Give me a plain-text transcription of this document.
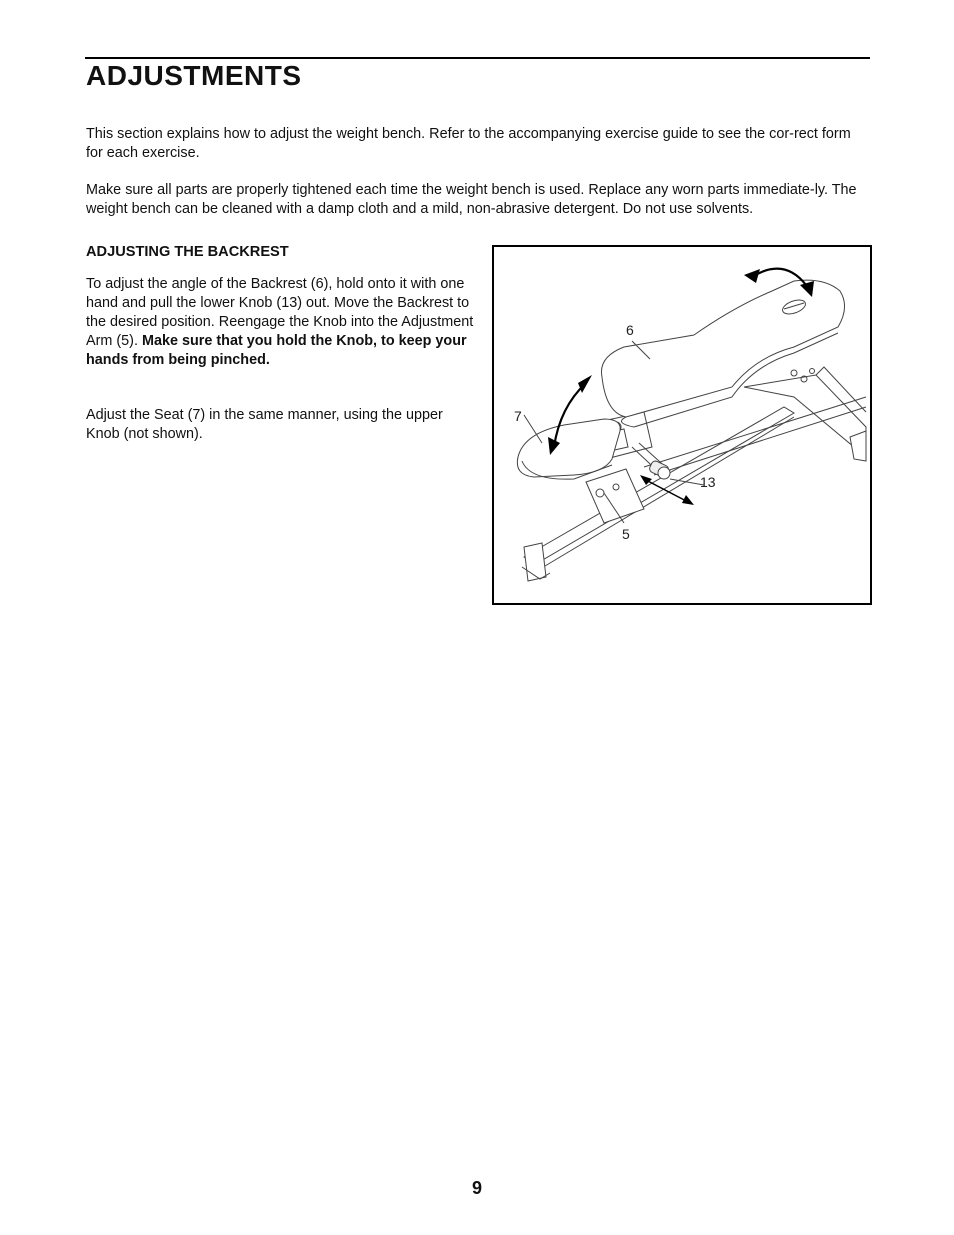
ADJUSTMENTS

This section explains how to adjust the weight bench. Refer to the accompanying exercise guide to see the cor-rect form for each exercise.

Make sure all parts are properly tightened each time the weight bench is used. Replace any worn parts immediate-ly. The weight bench can be cleaned with a damp cloth and a mild, non-abrasive detergent. Do not use solvents.

ADJUSTING THE BACKREST

To adjust the angle of the Backrest (6), hold onto it with one hand and pull the lower Knob (13) out. Move the Backrest to the desired position. Reengage the Knob into the Adjustment Arm (5). Make sure that you hold the Knob, to keep your hands from being pinched.

Adjust the Seat (7) in the same manner, using the upper Knob (not shown).

6
7
13
5

9
